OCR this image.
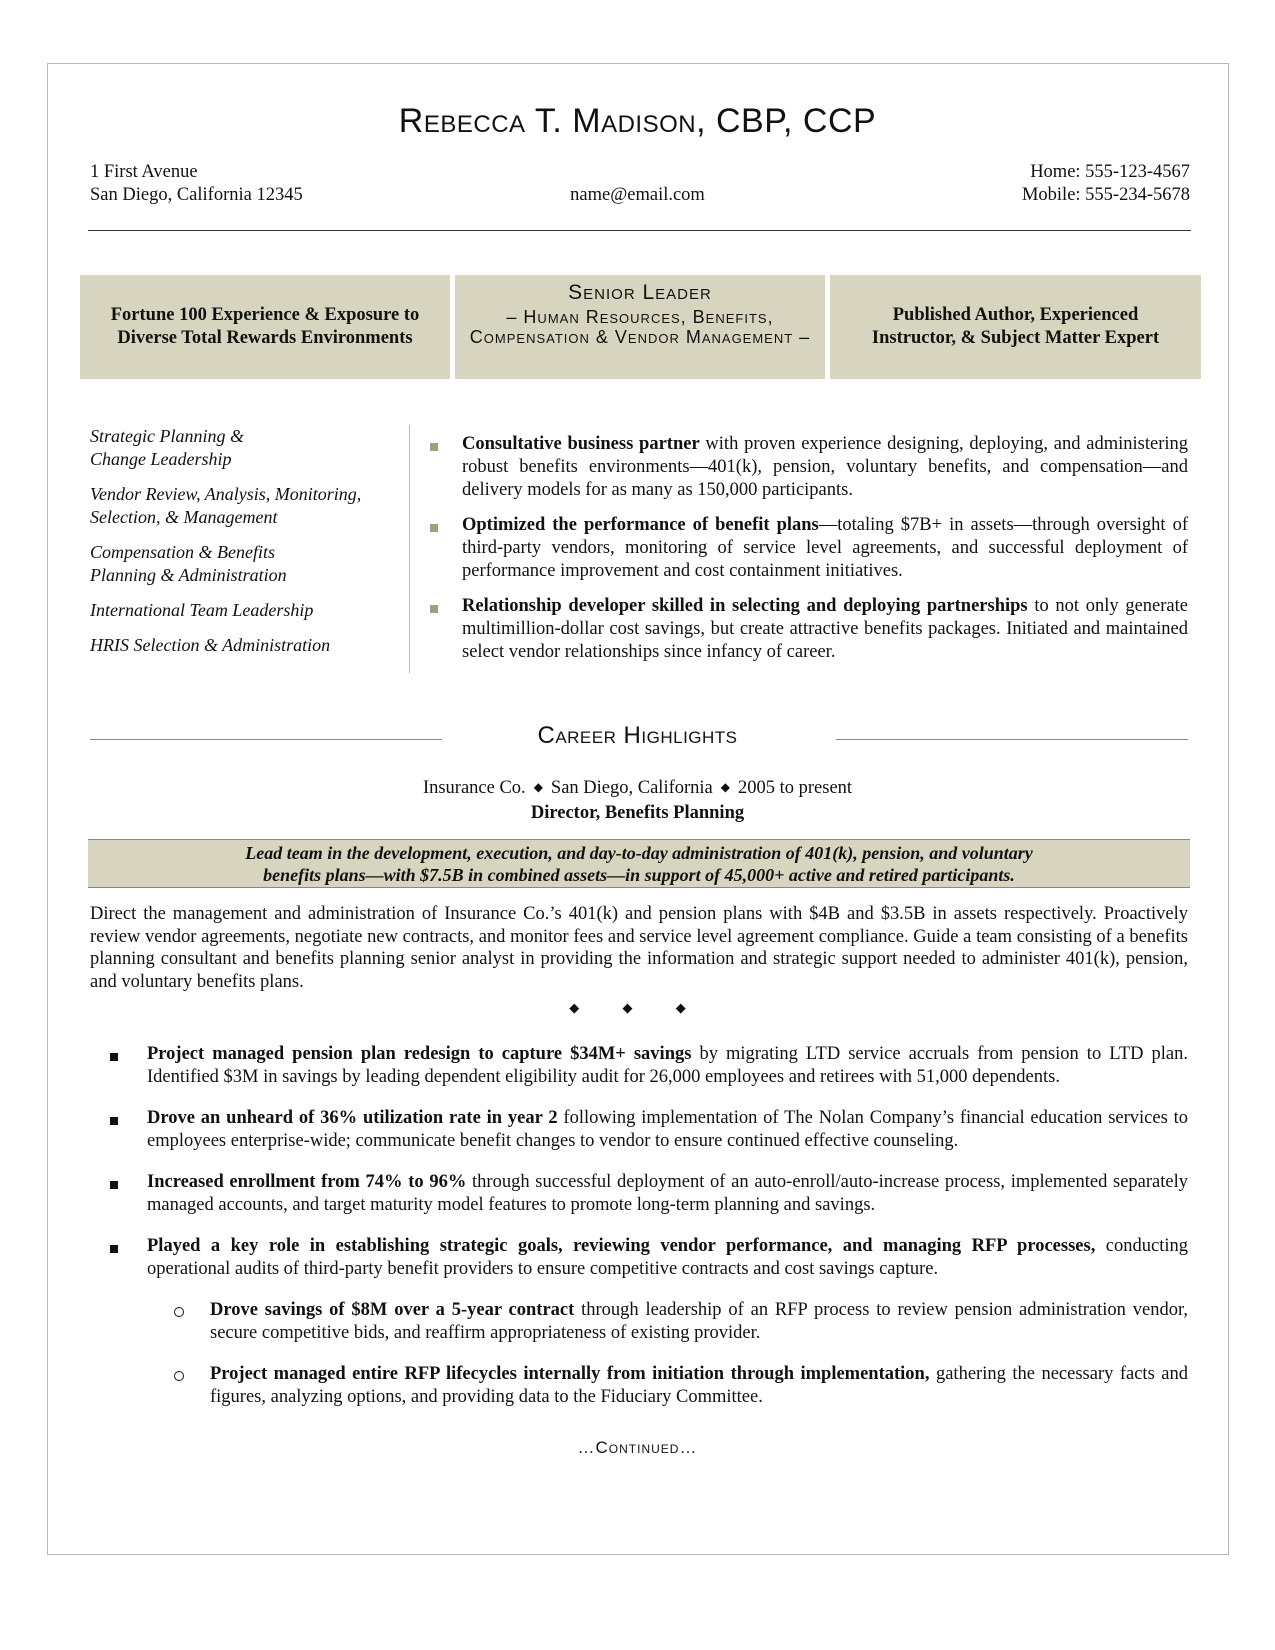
Rebecca T. Madison, CBP, CCP
1 First Avenue
San Diego, California 12345	name@email.com
Home: 555-123-4567
Mobile: 555-234-5678
Fortune 100 Experience & Exposure to Diverse Total Rewards Environments
Senior Leader
– Human Resources, Benefits, Compensation & Vendor Management –
Published Author, Experienced Instructor, & Subject Matter Expert
Strategic Planning & Change Leadership
Vendor Review, Analysis, Monitoring, Selection, & Management
Compensation & Benefits Planning & Administration
International Team Leadership
HRIS Selection & Administration
Consultative business partner with proven experience designing, deploying, and administering robust benefits environments—401(k), pension, voluntary benefits, and compensation—and delivery models for as many as 150,000 participants.
Optimized the performance of benefit plans—totaling $7B+ in assets—through oversight of third-party vendors, monitoring of service level agreements, and successful deployment of performance improvement and cost containment initiatives.
Relationship developer skilled in selecting and deploying partnerships to not only generate multimillion-dollar cost savings, but create attractive benefits packages. Initiated and maintained select vendor relationships since infancy of career.
Career Highlights
Insurance Co. ◆ San Diego, California ◆ 2005 to present
Director, Benefits Planning
Lead team in the development, execution, and day-to-day administration of 401(k), pension, and voluntary benefits plans—with $7.5B in combined assets—in support of 45,000+ active and retired participants.
Direct the management and administration of Insurance Co.’s 401(k) and pension plans with $4B and $3.5B in assets respectively. Proactively review vendor agreements, negotiate new contracts, and monitor fees and service level agreement compliance. Guide a team consisting of a benefits planning consultant and benefits planning senior analyst in providing the information and strategic support needed to administer 401(k), pension, and voluntary benefits plans.
◆ ◆ ◆
Project managed pension plan redesign to capture $34M+ savings by migrating LTD service accruals from pension to LTD plan. Identified $3M in savings by leading dependent eligibility audit for 26,000 employees and retirees with 51,000 dependents.
Drove an unheard of 36% utilization rate in year 2 following implementation of The Nolan Company’s financial education services to employees enterprise-wide; communicate benefit changes to vendor to ensure continued effective counseling.
Increased enrollment from 74% to 96% through successful deployment of an auto-enroll/auto-increase process, implemented separately managed accounts, and target maturity model features to promote long-term planning and savings.
Played a key role in establishing strategic goals, reviewing vendor performance, and managing RFP processes, conducting operational audits of third-party benefit providers to ensure competitive contracts and cost savings capture.
Drove savings of $8M over a 5-year contract through leadership of an RFP process to review pension administration vendor, secure competitive bids, and reaffirm appropriateness of existing provider.
Project managed entire RFP lifecycles internally from initiation through implementation, gathering the necessary facts and figures, analyzing options, and providing data to the Fiduciary Committee.
…Continued…
